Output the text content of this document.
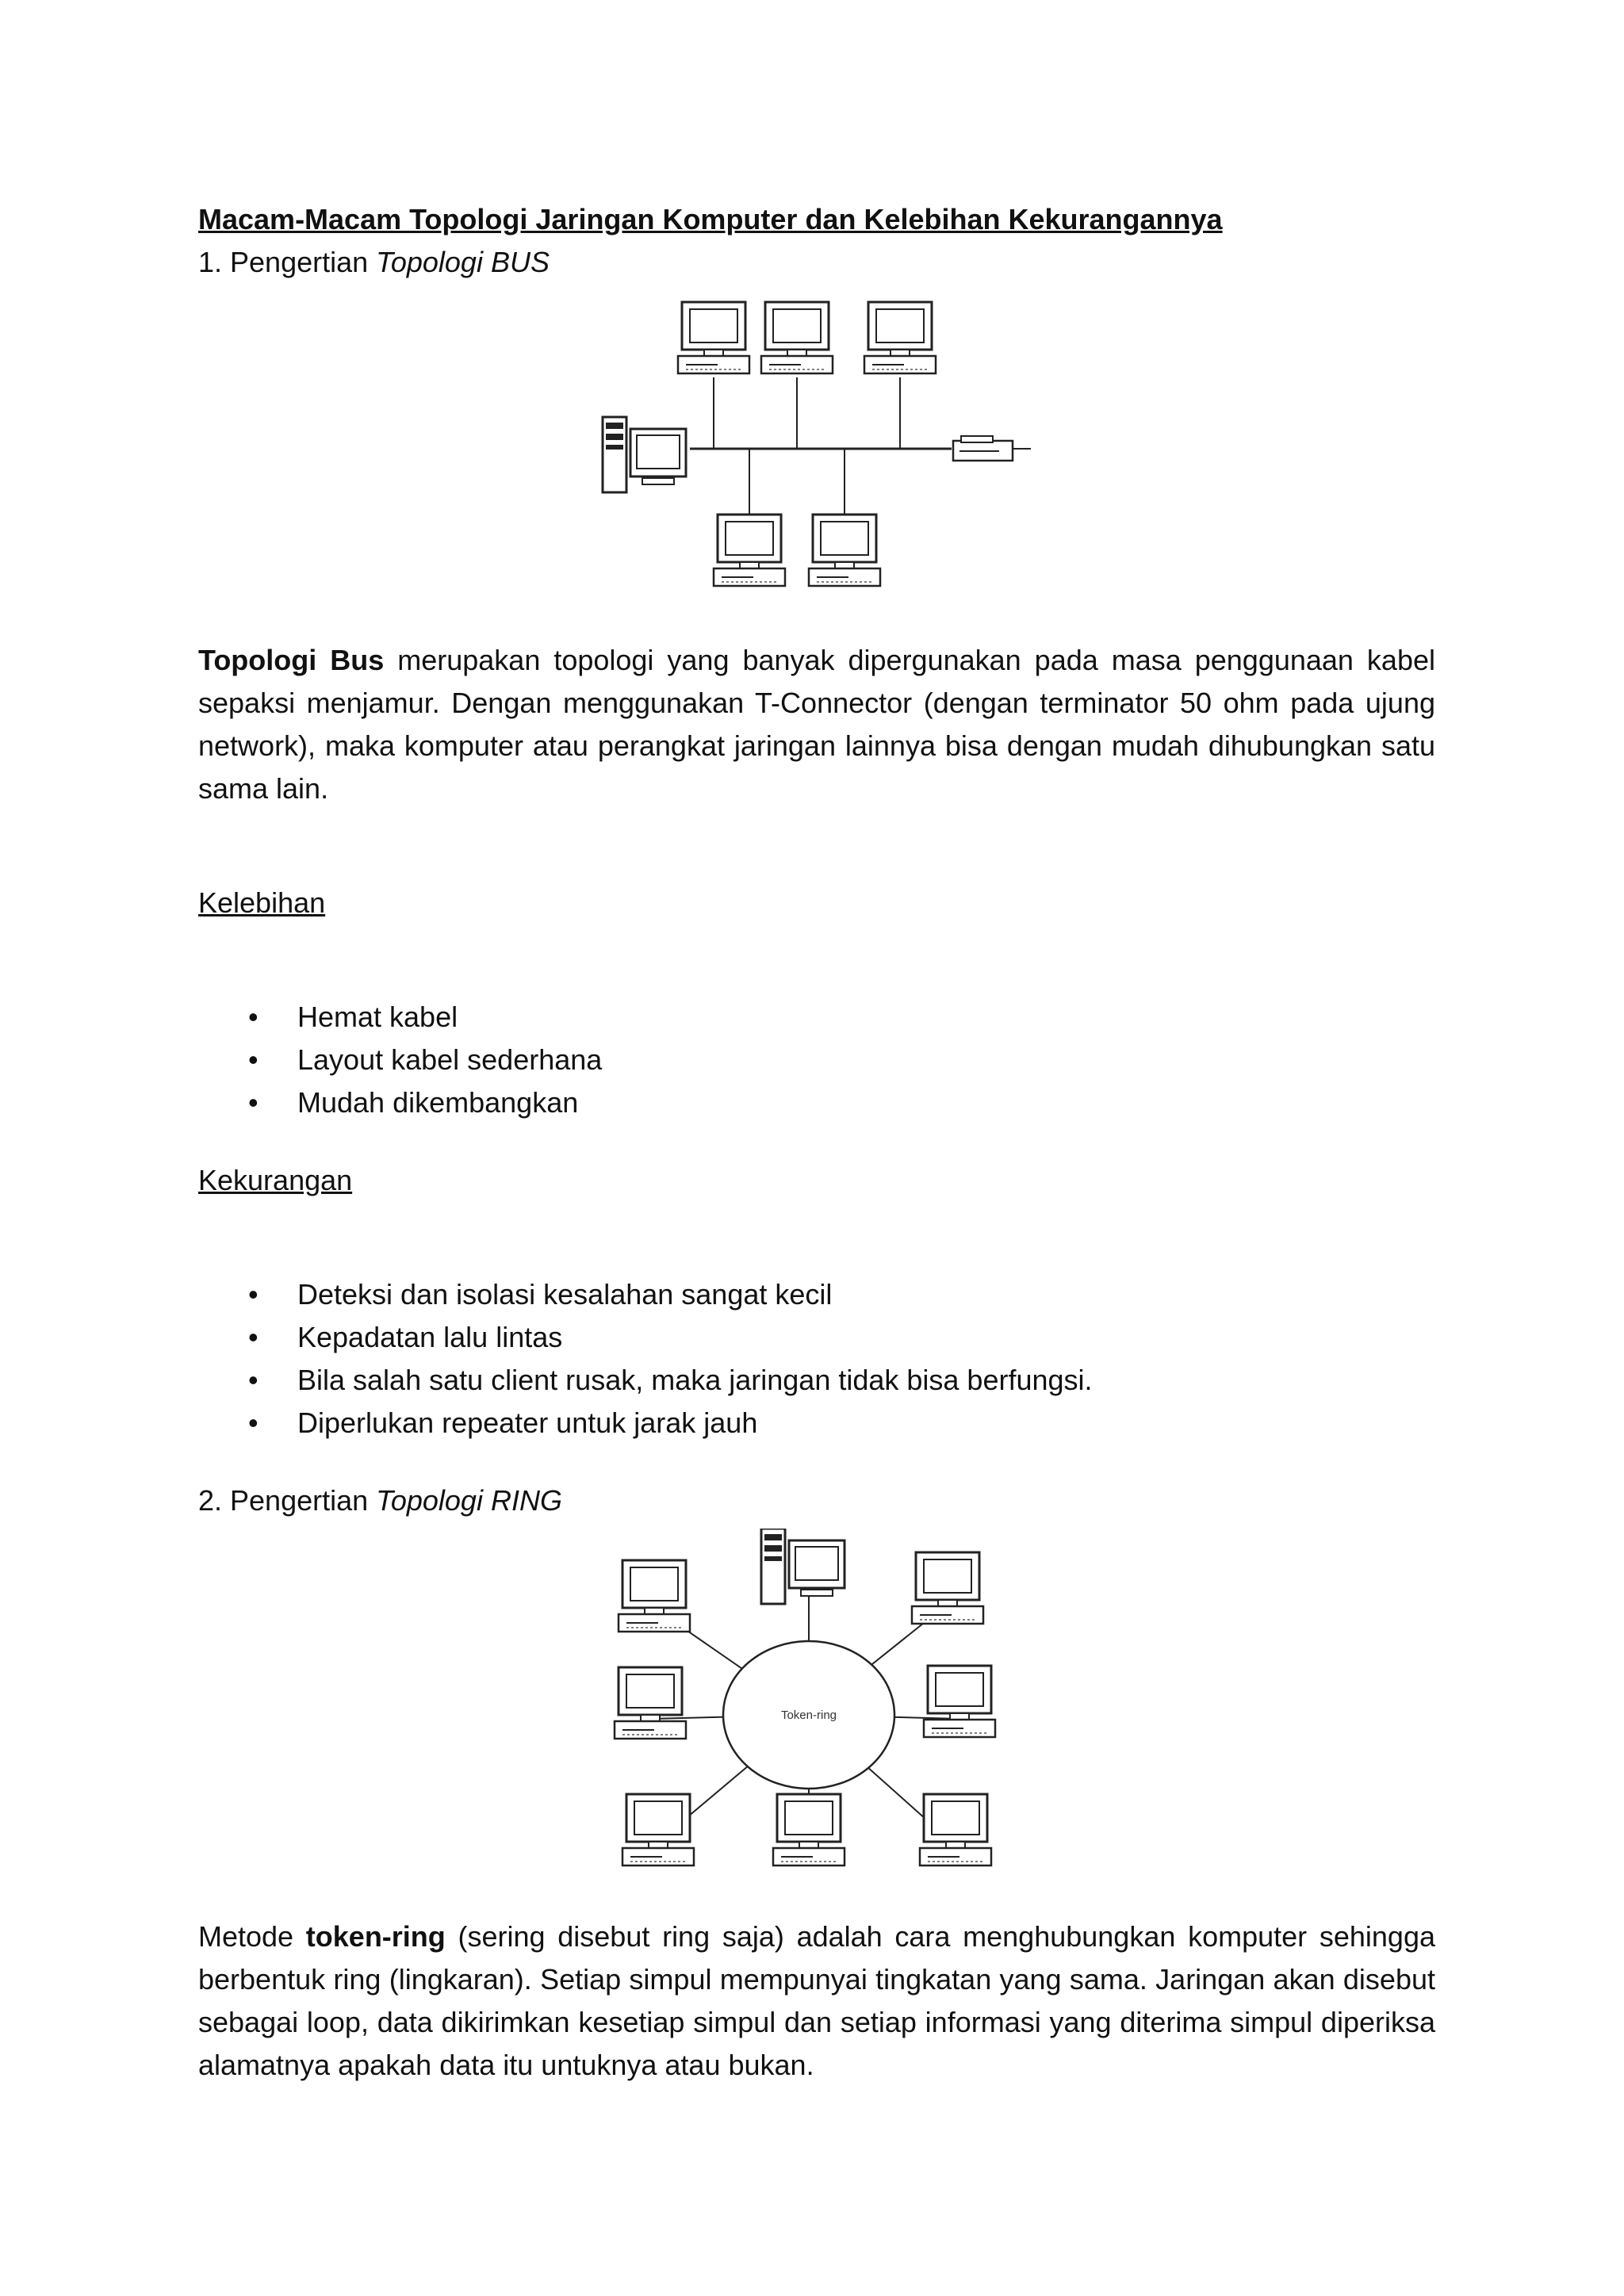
Macam-Macam Topologi Jaringan Komputer dan Kelebihan Kekurangannya

1. Pengertian Topologi BUS

Topologi Bus merupakan topologi yang banyak dipergunakan pada masa penggunaan kabel sepaksi menjamur. Dengan menggunakan T-Connector (dengan terminator 50 ohm pada ujung network), maka komputer atau perangkat jaringan lainnya bisa dengan mudah dihubungkan satu sama lain.

Kelebihan

• Hemat kabel
• Layout kabel sederhana
• Mudah dikembangkan

Kekurangan

• Deteksi dan isolasi kesalahan sangat kecil
• Kepadatan lalu lintas
• Bila salah satu client rusak, maka jaringan tidak bisa berfungsi.
• Diperlukan repeater untuk jarak jauh

2. Pengertian Topologi RING

Token-ring

Metode token-ring (sering disebut ring saja) adalah cara menghubungkan komputer sehingga berbentuk ring (lingkaran). Setiap simpul mempunyai tingkatan yang sama. Jaringan akan disebut sebagai loop, data dikirimkan kesetiap simpul dan setiap informasi yang diterima simpul diperiksa alamatnya apakah data itu untuknya atau bukan.
